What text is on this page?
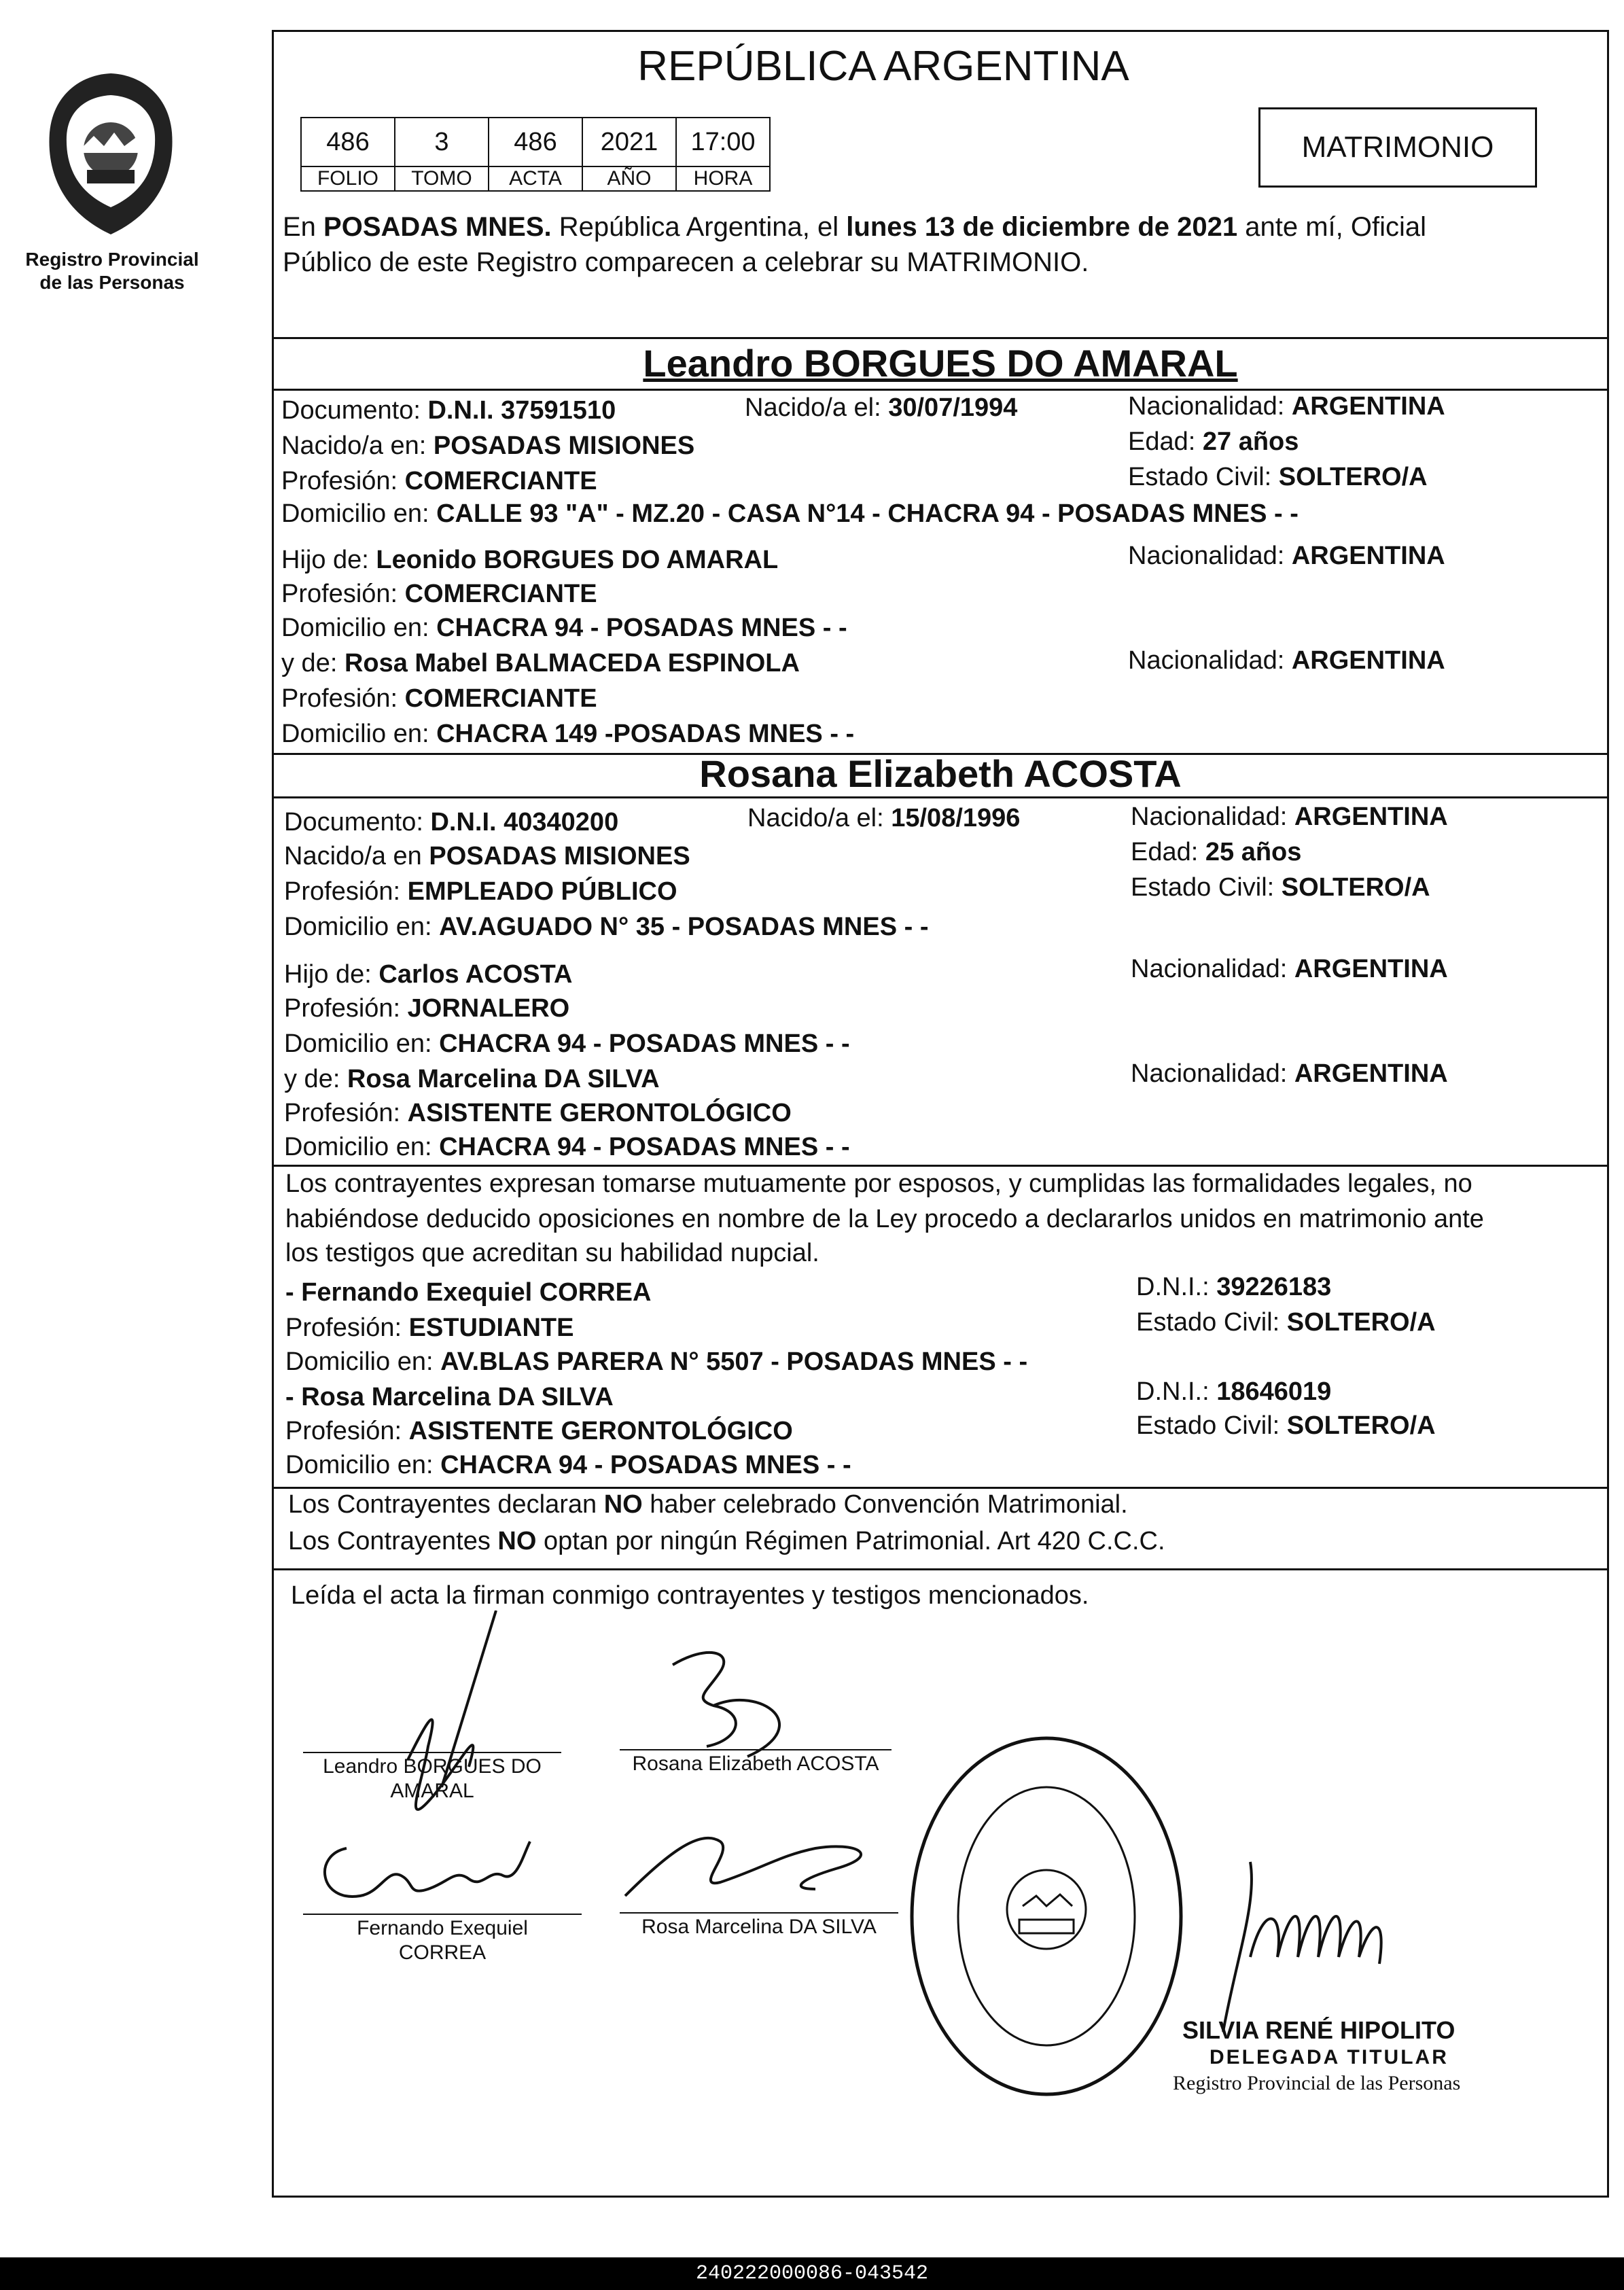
Registro Provincial
de las Personas
REPÚBLICA ARGENTINA
486	3	486	2021	17:00
FOLIO	TOMO	ACTA	AÑO	HORA
MATRIMONIO
En POSADAS MNES. República Argentina, el lunes 13 de diciembre de 2021 ante mí, Oficial
Público de este Registro comparecen a celebrar su MATRIMONIO.
Leandro BORGUES DO AMARAL
Documento: D.N.I. 37591510	Nacido/a el: 30/07/1994	Nacionalidad: ARGENTINA
Nacido/a en: POSADAS MISIONES	Edad: 27 años
Profesión: COMERCIANTE	Estado Civil: SOLTERO/A
Domicilio en: CALLE 93 "A" - MZ.20 - CASA N°14 - CHACRA 94 - POSADAS MNES - -
Hijo de: Leonido BORGUES DO AMARAL	Nacionalidad: ARGENTINA
Profesión: COMERCIANTE
Domicilio en: CHACRA 94 - POSADAS MNES - -
y de: Rosa Mabel BALMACEDA ESPINOLA	Nacionalidad: ARGENTINA
Profesión: COMERCIANTE
Domicilio en: CHACRA 149 -POSADAS MNES - -
Rosana Elizabeth ACOSTA
Documento: D.N.I. 40340200	Nacido/a el: 15/08/1996	Nacionalidad: ARGENTINA
Nacido/a en POSADAS MISIONES	Edad: 25 años
Profesión: EMPLEADO PÚBLICO	Estado Civil: SOLTERO/A
Domicilio en: AV.AGUADO N° 35 - POSADAS MNES - -
Hijo de: Carlos ACOSTA	Nacionalidad: ARGENTINA
Profesión: JORNALERO
Domicilio en: CHACRA 94 - POSADAS MNES - -
y de: Rosa Marcelina DA SILVA	Nacionalidad: ARGENTINA
Profesión: ASISTENTE GERONTOLÓGICO
Domicilio en: CHACRA 94 - POSADAS MNES - -
Los contrayentes expresan tomarse mutuamente por esposos, y cumplidas las formalidades legales, no
habiéndose deducido oposiciones en nombre de la Ley procedo a declararlos unidos en matrimonio ante
los testigos que acreditan su habilidad nupcial.
- Fernando Exequiel CORREA	D.N.I.: 39226183
Profesión: ESTUDIANTE	Estado Civil: SOLTERO/A
Domicilio en: AV.BLAS PARERA N° 5507 - POSADAS MNES - -
- Rosa Marcelina DA SILVA	D.N.I.: 18646019
Profesión: ASISTENTE GERONTOLÓGICO	Estado Civil: SOLTERO/A
Domicilio en: CHACRA 94 - POSADAS MNES - -
Los Contrayentes declaran NO haber celebrado Convención Matrimonial.
Los Contrayentes NO optan por ningún Régimen Patrimonial. Art 420 C.C.C.
Leída el acta la firman conmigo contrayentes y testigos mencionados.
Leandro BORGUES DO
AMARAL
Rosana Elizabeth ACOSTA
Fernando Exequiel
CORREA
Rosa Marcelina DA SILVA
SILVIA RENÉ HIPOLITO
DELEGADA TITULAR
Registro Provincial de las Personas
240222000086-043542
